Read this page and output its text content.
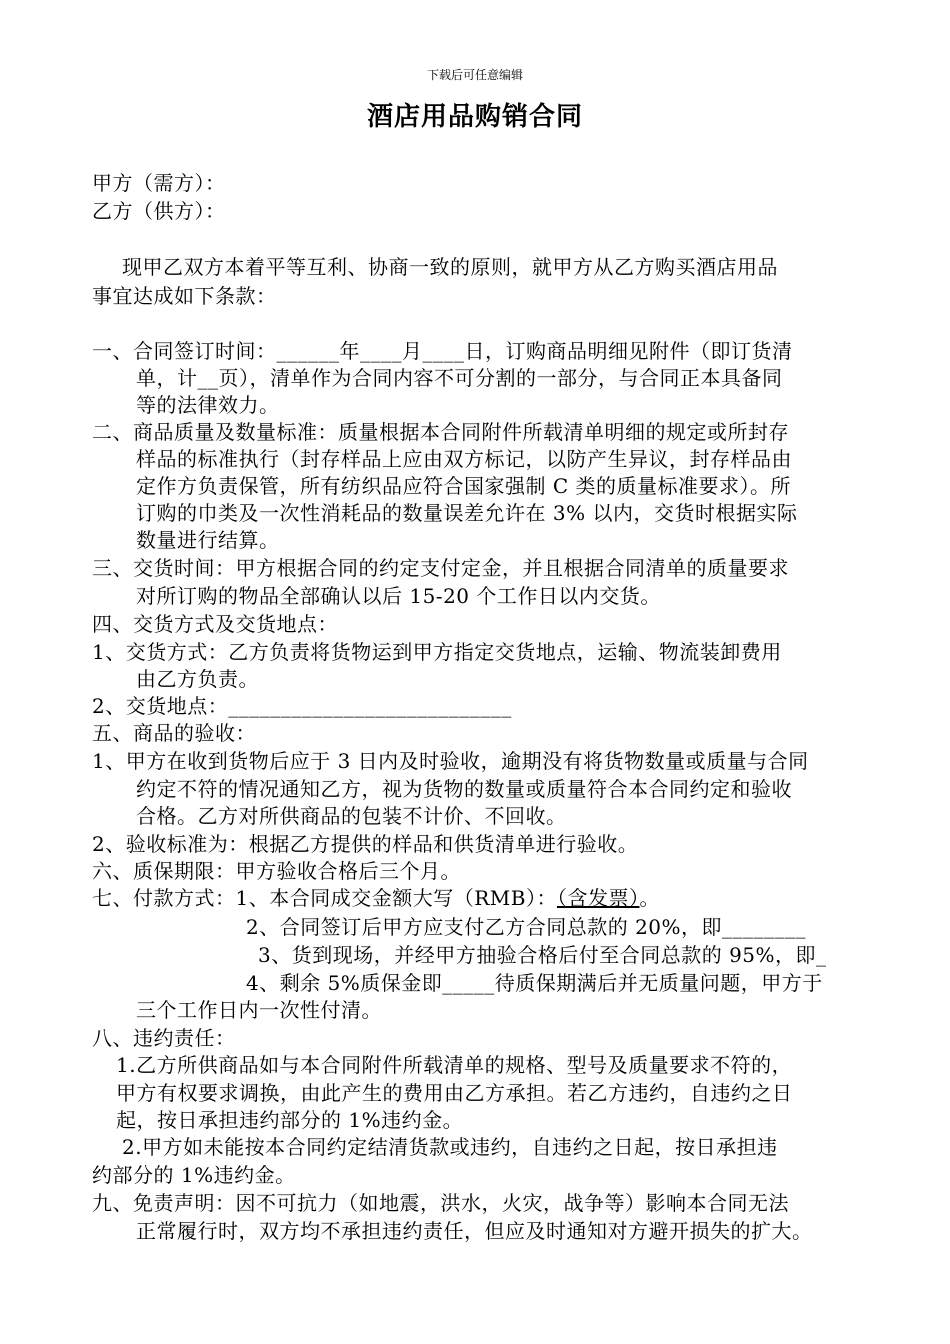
下载后可任意编辑
酒店用品购销合同
甲方（需方）：
乙方（供方）：
现甲乙双方本着平等互利、协商一致的原则，就甲方从乙方购买酒店用品
事宜达成如下条款：
一、合同签订时间：______年____月____日，订购商品明细见附件（即订货清
单，计__页），清单作为合同内容不可分割的一部分，与合同正本具备同
等的法律效力。
二、商品质量及数量标准：质量根据本合同附件所载清单明细的规定或所封存
样品的标准执行（封存样品上应由双方标记，以防产生异议，封存样品由
定作方负责保管，所有纺织品应符合国家强制 C 类的质量标准要求）。所
订购的巾类及一次性消耗品的数量误差允许在 3% 以内，交货时根据实际
数量进行结算。
三、交货时间：甲方根据合同的约定支付定金，并且根据合同清单的质量要求
对所订购的物品全部确认以后 15-20 个工作日以内交货。
四、交货方式及交货地点：
1、交货方式：乙方负责将货物运到甲方指定交货地点，运输、物流装卸费用
由乙方负责。
2、交货地点：___________________________
五、商品的验收：
1、甲方在收到货物后应于 3 日内及时验收，逾期没有将货物数量或质量与合同
约定不符的情况通知乙方，视为货物的数量或质量符合本合同约定和验收
合格。乙方对所供商品的包装不计价、不回收。
2、验收标准为：根据乙方提供的样品和供货清单进行验收。
六、质保期限：甲方验收合格后三个月。
七、付款方式：1、本合同成交金额大写（RMB）：（含发票）。
2、合同签订后甲方应支付乙方合同总款的 20%，即________
3、货到现场，并经甲方抽验合格后付至合同总款的 95%，即_
4、剩余 5%质保金即_____待质保期满后并无质量问题，甲方于
三个工作日内一次性付清。
八、违约责任：
1.乙方所供商品如与本合同附件所载清单的规格、型号及质量要求不符的，
甲方有权要求调换，由此产生的费用由乙方承担。若乙方违约，自违约之日
起，按日承担违约部分的 1%违约金。
2.甲方如未能按本合同约定结清货款或违约，自违约之日起，按日承担违
约部分的 1%违约金。
九、免责声明：因不可抗力（如地震，洪水，火灾，战争等）影响本合同无法
正常履行时，双方均不承担违约责任，但应及时通知对方避开损失的扩大。
